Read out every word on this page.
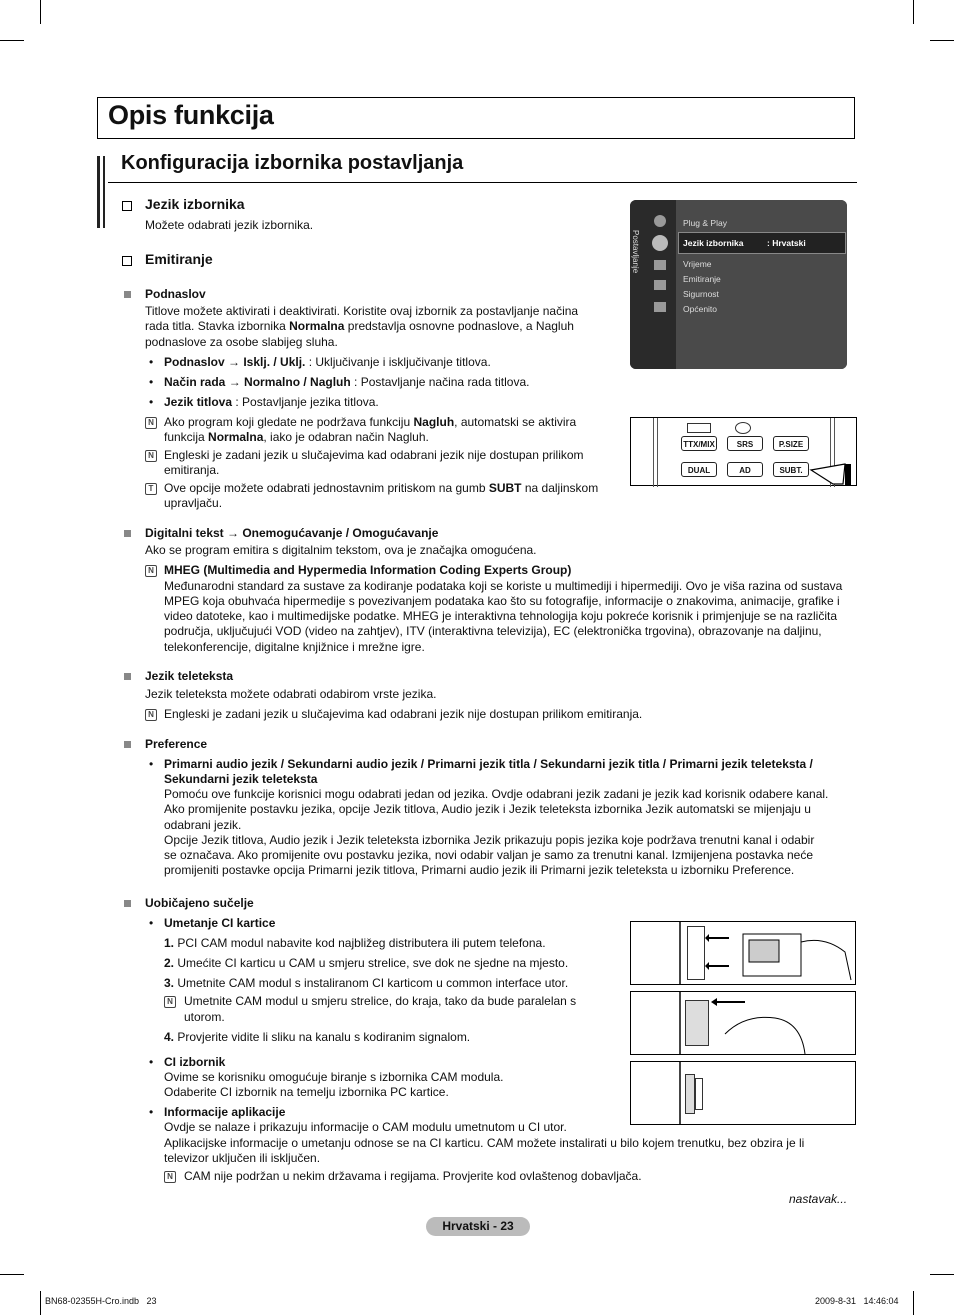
Opis funkcija
Konfiguracija izbornika postavljanja
Jezik izbornika
Možete odabrati jezik izbornika.
Emitiranje
Podnaslov
Titlove možete aktivirati i deaktivirati. Koristite ovaj izbornik za postavljanje načina
rada titla. Stavka izbornika Normalna predstavlja osnovne podnaslove, a Nagluh
podnaslove za osobe slabijeg sluha.
• Podnaslov → Isklj. / Uklj. : Uključivanje i isključivanje titlova.
• Način rada → Normalno / Nagluh : Postavljanje načina rada titlova.
• Jezik titlova : Postavljanje jezika titlova.
N Ako program koji gledate ne podržava funkciju Nagluh, automatski se aktivira
funkcija Normalna, iako je odabran način Nagluh.
N Engleski je zadani jezik u slučajevima kad odabrani jezik nije dostupan prilikom
emitiranja.
T Ove opcije možete odabrati jednostavnim pritiskom na gumb SUBT na daljinskom
upravljaču.
Digitalni tekst → Onemogućavanje / Omogućavanje
Ako se program emitira s digitalnim tekstom, ova je značajka omogućena.
N MHEG (Multimedia and Hypermedia Information Coding Experts Group)
Međunarodni standard za sustave za kodiranje podataka koji se koriste u multimediji i hipermediji. Ovo je viša razina od sustava
MPEG koja obuhvaća hipermedije s povezivanjem podataka kao što su fotografije, informacije o znakovima, animacije, grafike i
video datoteke, kao i multimedijske podatke. MHEG je interaktivna tehnologija koju pokreće korisnik i primjenjuje se na različita
područja, uključujući VOD (video na zahtjev), ITV (interaktivna televizija), EC (elektronička trgovina), obrazovanje na daljinu,
telekonferencije, digitalne knjižnice i mrežne igre.
Jezik teleteksta
Jezik teleteksta možete odabrati odabirom vrste jezika.
N Engleski je zadani jezik u slučajevima kad odabrani jezik nije dostupan prilikom emitiranja.
Preference
• Primarni audio jezik / Sekundarni audio jezik / Primarni jezik titla / Sekundarni jezik titla / Primarni jezik teleteksta /
Sekundarni jezik teleteksta
Pomoću ove funkcije korisnici mogu odabrati jedan od jezika. Ovdje odabrani jezik zadani je jezik kad korisnik odabere kanal.
Ako promijenite postavku jezika, opcije Jezik titlova, Audio jezik i Jezik teleteksta izbornika Jezik automatski se mijenjaju u
odabrani jezik.
Opcije Jezik titlova, Audio jezik i Jezik teleteksta izbornika Jezik prikazuju popis jezika koje podržava trenutni kanal i odabir
se označava. Ako promijenite ovu postavku jezika, novi odabir valjan je samo za trenutni kanal. Izmijenjena postavka neće
promijeniti postavke opcija Primarni jezik titlova, Primarni audio jezik ili Primarni jezik teleteksta u izborniku Preference.
Uobičajeno sučelje
• Umetanje CI kartice
1. PCI CAM modul nabavite kod najbližeg distributera ili putem telefona.
2. Umećite CI karticu u CAM u smjeru strelice, sve dok ne sjedne na mjesto.
3. Umetnite CAM modul s instaliranom CI karticom u common interface utor.
N Umetnite CAM modul u smjeru strelice, do kraja, tako da bude paralelan s
utorom.
4. Provjerite vidite li sliku na kanalu s kodiranim signalom.
• CI izbornik
Ovime se korisniku omogućuje biranje s izbornika CAM modula.
Odaberite CI izbornik na temelju izbornika PC kartice.
• Informacije aplikacije
Ovdje se nalaze i prikazuju informacije o CAM modulu umetnutom u CI utor.
Aplikacijske informacije o umetanju odnose se na CI karticu. CAM možete instalirati u bilo kojem trenutku, bez obzira je li
televizor uključen ili isključen.
N CAM nije podržan u nekim državama i regijama. Provjerite kod ovlaštenog dobavljača.
Postavljanje
Plug & Play
Jezik izbornika	: Hrvatski
Vrijeme
Emitiranje
Sigurnost
Općenito
TTX/MIX	SRS	P.SIZE
DUAL	AD	SUBT.
nastavak...
Hrvatski - 23
BN68-02355H-Cro.indb   23	2009-8-31   14:46:04
